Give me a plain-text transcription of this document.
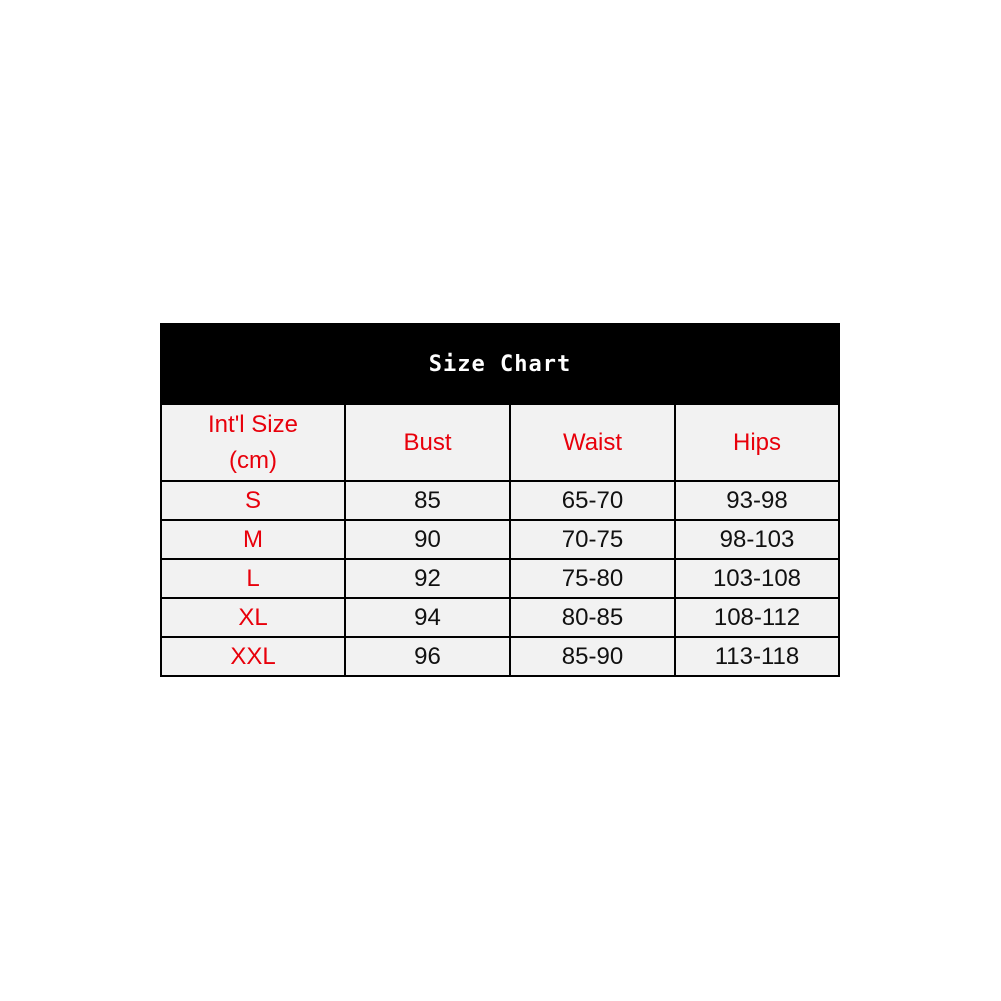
Size Chart
Int'l Size
(cm)	Bust	Waist	Hips
S	85	65-70	93-98
M	90	70-75	98-103
L	92	75-80	103-108
XL	94	80-85	108-112
XXL	96	85-90	113-118
